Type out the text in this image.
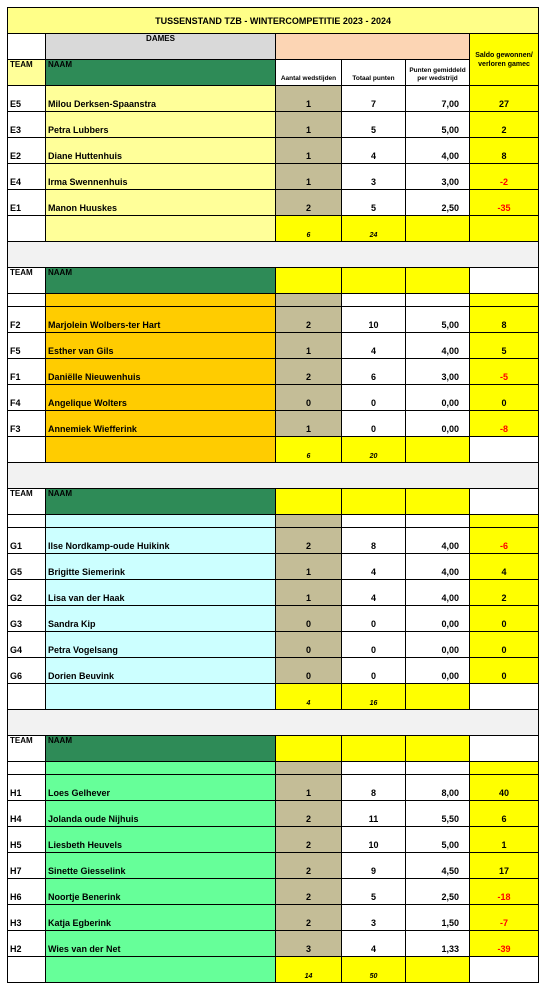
TUSSENSTAND TZB - WINTERCOMPETITIE 2023 - 2024					
	DAMES				Saldo gewonnen/
verloren gamec
TEAM	NAAM	Aantal wedstijden	Totaal punten	Punten gemiddeld
per wedstrijd	
E5	Milou Derksen-Spaanstra	1	7	7,00	27
E3	Petra Lubbers	1	5	5,00	2
E2	Diane Huttenhuis	1	4	4,00	8
E4	Irma Swennenhuis	1	3	3,00	-2
E1	Manon Huuskes	2	5	2,50	-35
		6	24		

TEAM	NAAM				

F2	Marjolein Wolbers-ter Hart	2	10	5,00	8
F5	Esther van Gils	1	4	4,00	5
F1	Daniëlle Nieuwenhuis	2	6	3,00	-5
F4	Angelique Wolters	0	0	0,00	0
F3	Annemiek Wiefferink	1	0	0,00	-8
		6	20		

TEAM	NAAM				

G1	Ilse Nordkamp-oude Huikink	2	8	4,00	-6
G5	Brigitte Siemerink	1	4	4,00	4
G2	Lisa van der Haak	1	4	4,00	2
G3	Sandra Kip	0	0	0,00	0
G4	Petra Vogelsang	0	0	0,00	0
G6	Dorien Beuvink	0	0	0,00	0
		4	16		

TEAM	NAAM				

H1	Loes Gelhever	1	8	8,00	40
H4	Jolanda oude Nijhuis	2	11	5,50	6
H5	Liesbeth Heuvels	2	10	5,00	1
H7	Sinette Giesselink	2	9	4,50	17
H6	Noortje Benerink	2	5	2,50	-18
H3	Katja Egberink	2	3	1,50	-7
H2	Wies van der Net	3	4	1,33	-39
		14	50		
